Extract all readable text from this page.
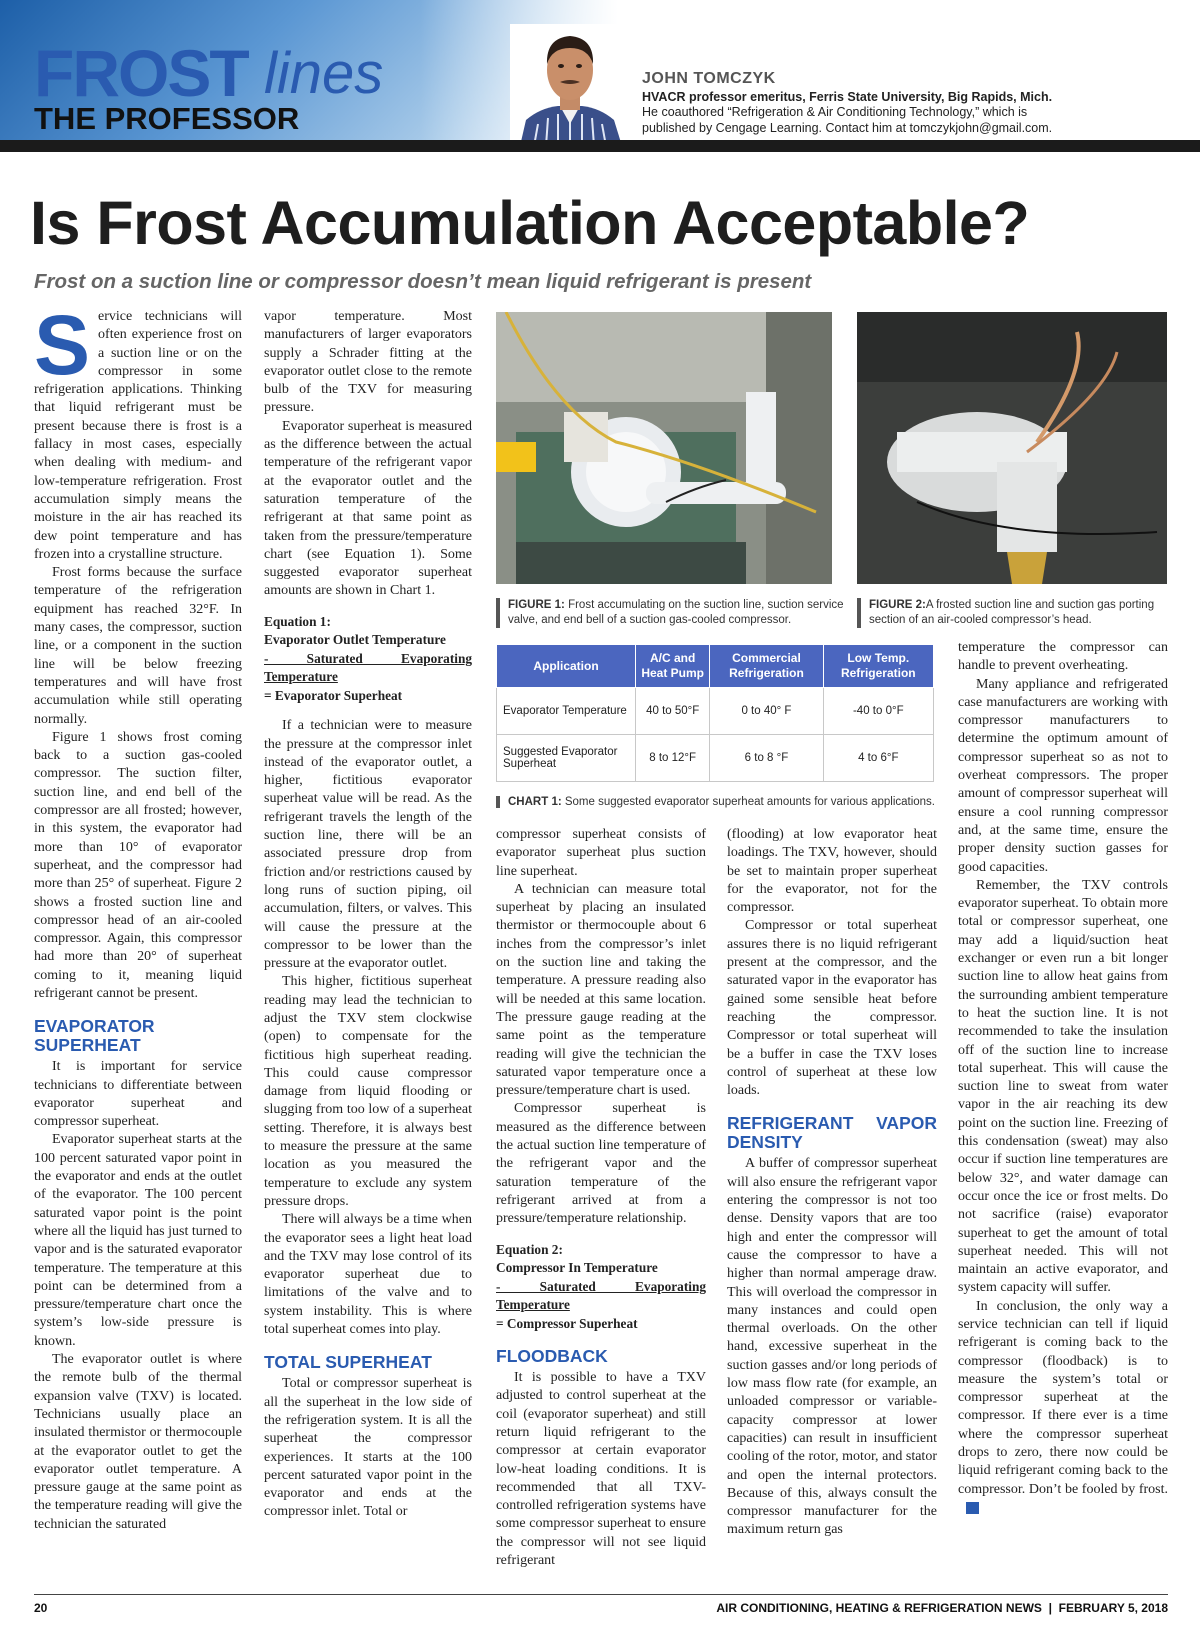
FROST lines
THE PROFESSOR
JOHN TOMCZYK
HVACR professor emeritus, Ferris State University, Big Rapids, Mich.
He coauthored “Refrigeration & Air Conditioning Technology,” which is
published by Cengage Learning. Contact him at tomczykjohn@gmail.com.
Is Frost Accumulation Acceptable?
Frost on a suction line or compressor doesn’t mean liquid refrigerant is present

Service technicians will often experience frost on a suction line or on the compressor in some refrigeration applications. Thinking that liquid refrigerant must be present because there is frost is a fallacy in most cases, especially when dealing with medium- and low-temperature refrigeration. Frost accumulation simply means the moisture in the air has reached its dew point temperature and has frozen into a crystalline structure.

Frost forms because the surface temperature of the refrigeration equipment has reached 32°F. In many cases, the compressor, suction line, or a component in the suction line will be below freezing temperatures and will have frost accumulation while still operating normally.

Figure 1 shows frost coming back to a suction gas-cooled compressor. The suction filter, suction line, and end bell of the compressor are all frosted; however, in this system, the evaporator had more than 10° of evaporator superheat, and the compressor had more than 25° of superheat. Figure 2 shows a frosted suction line and compressor head of an air-cooled compressor. Again, this compressor had more than 20° of superheat coming to it, meaning liquid refrigerant cannot be present.

EVAPORATOR SUPERHEAT

It is important for service technicians to differentiate between evaporator superheat and compressor superheat.

Evaporator superheat starts at the 100 percent saturated vapor point in the evaporator and ends at the outlet of the evaporator. The 100 percent saturated vapor point is the point where all the liquid has just turned to vapor and is the saturated evaporator temperature. The temperature at this point can be determined from a pressure/temperature chart once the system’s low-side pressure is known.

The evaporator outlet is where the remote bulb of the thermal expansion valve (TXV) is located. Technicians usually place an insulated thermistor or thermocouple at the evaporator outlet to get the evaporator outlet temperature. A pressure gauge at the same point as the temperature reading will give the technician the saturated

vapor temperature. Most manufacturers of larger evaporators supply a Schrader fitting at the evaporator outlet close to the remote bulb of the TXV for measuring pressure.

Evaporator superheat is measured as the difference between the actual temperature of the refrigerant vapor at the evaporator outlet and the saturation temperature of the refrigerant at that same point as taken from the pressure/temperature chart (see Equation 1). Some suggested evaporator superheat amounts are shown in Chart 1.

Equation 1:
Evaporator Outlet Temperature
- Saturated Evaporating Temperature
= Evaporator Superheat

If a technician were to measure the pressure at the compressor inlet instead of the evaporator outlet, a higher, fictitious evaporator superheat value will be read. As the refrigerant travels the length of the suction line, there will be an associated pressure drop from friction and/or restrictions caused by long runs of suction piping, oil accumulation, filters, or valves. This will cause the pressure at the compressor to be lower than the pressure at the evaporator outlet.

This higher, fictitious superheat reading may lead the technician to adjust the TXV stem clockwise (open) to compensate for the fictitious high superheat reading. This could cause compressor damage from liquid flooding or slugging from too low of a superheat setting. Therefore, it is always best to measure the pressure at the same location as you measured the temperature to exclude any system pressure drops.

There will always be a time when the evaporator sees a light heat load and the TXV may lose control of its evaporator superheat due to limitations of the valve and to system instability. This is where total superheat comes into play.

TOTAL SUPERHEAT

Total or compressor superheat is all the superheat in the low side of the refrigeration system. It is all the superheat the compressor experiences. It starts at the 100 percent saturated vapor point in the evaporator and ends at the compressor inlet. Total or

FIGURE 1: Frost accumulating on the suction line, suction service valve, and end bell of a suction gas-cooled compressor.
FIGURE 2:A frosted suction line and suction gas porting section of an air-cooled compressor’s head.
Application	A/C and Heat Pump	Commercial Refrigeration	Low Temp. Refrigeration
Evaporator Temperature	40 to 50°F	0 to 40° F	-40 to 0°F
Suggested Evaporator Superheat	8 to 12°F	6 to 8 °F	4 to 6°F
CHART 1: Some suggested evaporator superheat amounts for various applications.

compressor superheat consists of evaporator superheat plus suction line superheat.

A technician can measure total superheat by placing an insulated thermistor or thermocouple about 6 inches from the compressor’s inlet on the suction line and taking the temperature. A pressure reading also will be needed at this same location. The pressure gauge reading at the same point as the temperature reading will give the technician the saturated vapor temperature once a pressure/temperature chart is used.

Compressor superheat is measured as the difference between the actual suction line temperature of the refrigerant vapor and the saturation temperature of the refrigerant arrived at from a pressure/temperature relationship.

Equation 2:
Compressor In Temperature
- Saturated Evaporating Temperature
= Compressor Superheat
FLOODBACK

It is possible to have a TXV adjusted to control superheat at the coil (evaporator superheat) and still return liquid refrigerant to the compressor at certain evaporator low-heat loading conditions. It is recommended that all TXV-controlled refrigeration systems have some compressor superheat to ensure the compressor will not see liquid refrigerant

(flooding) at low evaporator heat loadings. The TXV, however, should be set to maintain proper superheat for the evaporator, not for the compressor.

Compressor or total superheat assures there is no liquid refrigerant present at the compressor, and the saturated vapor in the evaporator has gained some sensible heat before reaching the compressor. Compressor or total superheat will be a buffer in case the TXV loses control of superheat at these low loads.

REFRIGERANT VAPOR DENSITY

A buffer of compressor superheat will also ensure the refrigerant vapor entering the compressor is not too dense. Density vapors that are too high and enter the compressor will cause the compressor to have a higher than normal amperage draw. This will overload the compressor in many instances and could open thermal overloads. On the other hand, excessive superheat in the suction gasses and/or long periods of low mass flow rate (for example, an unloaded compressor or variable-capacity compressor at lower capacities) can result in insufficient cooling of the rotor, motor, and stator and open the internal protectors. Because of this, always consult the compressor manufacturer for the maximum return gas

temperature the compressor can handle to prevent overheating.

Many appliance and refrigerated case manufacturers are working with compressor manufacturers to determine the optimum amount of compressor superheat so as not to overheat compressors. The proper amount of compressor superheat will ensure a cool running compressor and, at the same time, ensure the proper density suction gasses for good capacities.

Remember, the TXV controls evaporator superheat. To obtain more total or compressor superheat, one may add a liquid/suction heat exchanger or even run a bit longer suction line to allow heat gains from the surrounding ambient temperature to heat the suction line. It is not recommended to take the insulation off of the suction line to increase total superheat. This will cause the suction line to sweat from water vapor in the air reaching its dew point on the suction line. Freezing of this condensation (sweat) may also occur if suction line temperatures are below 32°, and water damage can occur once the ice or frost melts. Do not sacrifice (raise) evaporator superheat to get the amount of total superheat needed. This will not maintain an active evaporator, and system capacity will suffer.

In conclusion, the only way a service technician can tell if liquid refrigerant is coming back to the compressor (floodback) is to measure the system’s total or compressor superheat at the compressor. If there ever is a time where the compressor superheat drops to zero, there now could be liquid refrigerant coming back to the compressor. Don’t be fooled by frost.N

20	AIR CONDITIONING, HEATING & REFRIGERATION NEWS  |  FEBRUARY 5, 2018
